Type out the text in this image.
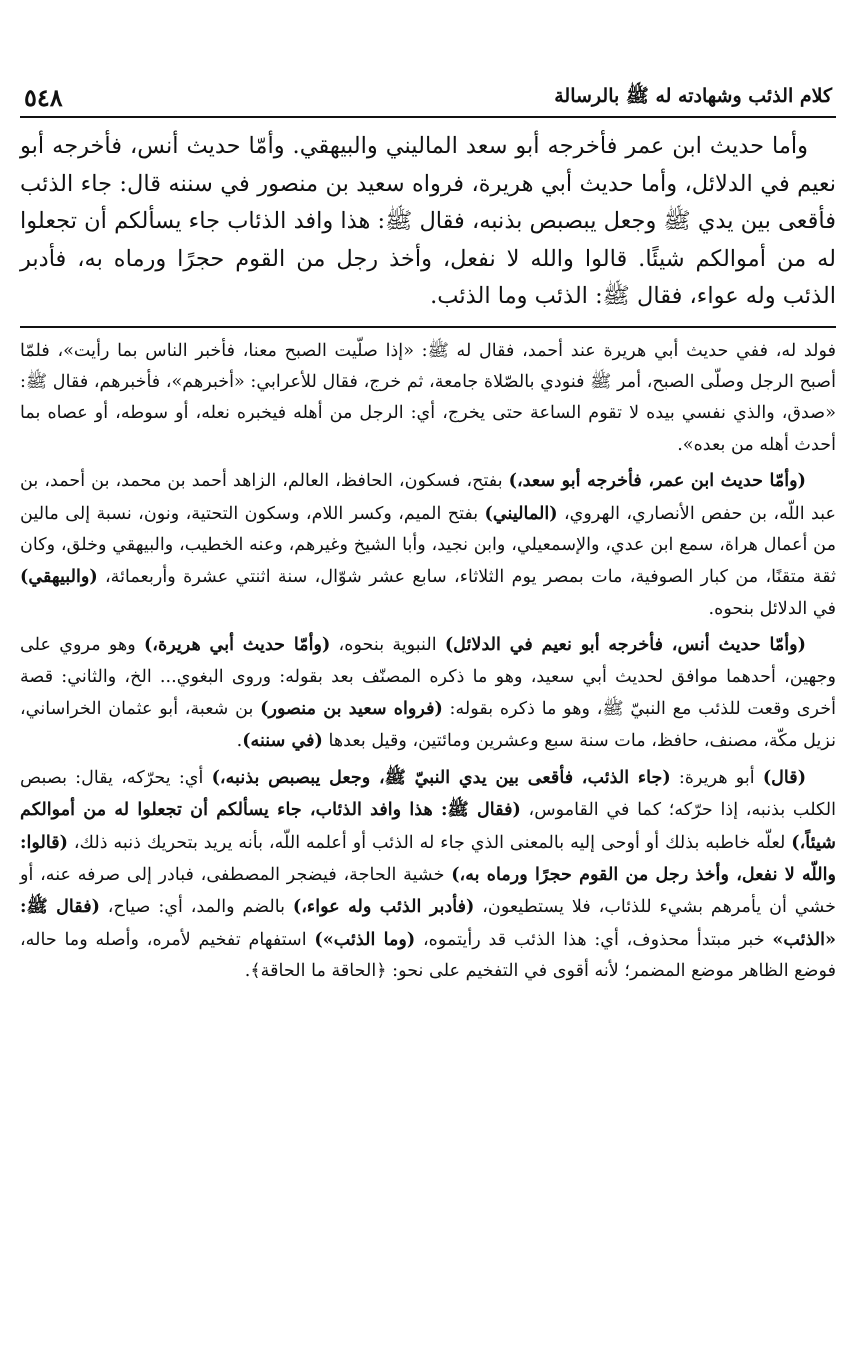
كلام الذئب وشهادته له ﷺ بالرسالة
٥٤٨

وأما حديث ابن عمر فأخرجه أبو سعد الماليني والبيهقي. وأمّا حديث أنس، فأخرجه أبو نعيم في الدلائل، وأما حديث أبي هريرة، فرواه سعيد بن منصور في سننه قال: جاء الذئب فأقعى بين يدي ﷺ وجعل يبصبص بذنبه، فقال ﷺ: هذا وافد الذئاب جاء يسألكم أن تجعلوا له من أموالكم شيئًا. قالوا والله لا نفعل، وأخذ رجل من القوم حجرًا ورماه به، فأدبر الذئب وله عواء، فقال ﷺ: الذئب وما الذئب.

فولد له، ففي حديث أبي هريرة عند أحمد، فقال له ﷺ: «إذا صلّيت الصبح معنا، فأخبر الناس بما رأيت»، فلمّا أصبح الرجل وصلّى الصبح، أمر ﷺ فنودي بالصّلاة جامعة، ثم خرج، فقال للأعرابي: «أخبرهم»، فأخبرهم، فقال ﷺ: «صدق، والذي نفسي بيده لا تقوم الساعة حتى يخرج، أي: الرجل من أهله فيخبره نعله، أو سوطه، أو عصاه بما أحدث أهله من بعده».

(وأمّا حديث ابن عمر، فأخرجه أبو سعد،) بفتح، فسكون، الحافظ، العالم، الزاهد أحمد بن محمد، بن أحمد، بن عبد اللّه، بن حفص الأنصاري، الهروي، (الماليني) بفتح الميم، وكسر اللام، وسكون التحتية، ونون، نسبة إلى مالين من أعمال هراة، سمع ابن عدي، والإسمعيلي، وابن نجيد، وأبا الشيخ وغيرهم، وعنه الخطيب، والبيهقي وخلق، وكان ثقة متقنًا، من كبار الصوفية، مات بمصر يوم الثلاثاء، سابع عشر شوّال، سنة اثنتي عشرة وأربعمائة، (والبيهقي) في الدلائل بنحوه.

(وأمّا حديث أنس، فأخرجه أبو نعيم في الدلائل) النبوية بنحوه، (وأمّا حديث أبي هريرة،) وهو مروي على وجهين، أحدهما موافق لحديث أبي سعيد، وهو ما ذكره المصنّف بعد بقوله: وروى البغوي... الخ، والثاني: قصة أخرى وقعت للذئب مع النبيّ ﷺ، وهو ما ذكره بقوله: (فرواه سعيد بن منصور) بن شعبة، أبو عثمان الخراساني، نزيل مكّة، مصنف، حافظ، مات سنة سبع وعشرين ومائتين، وقيل بعدها (في سننه).

(قال) أبو هريرة: (جاء الذئب، فأقعى بين يدي النبيّ ﷺ، وجعل يبصبص بذنبه،) أي: يحرّكه، يقال: بصبص الكلب بذنبه، إذا حرّكه؛ كما في القاموس، (فقال ﷺ: هذا وافد الذئاب، جاء يسألكم أن تجعلوا له من أموالكم شيئاً،) لعلّه خاطبه بذلك أو أوحى إليه بالمعنى الذي جاء له الذئب أو أعلمه اللّه، بأنه يريد بتحريك ذنبه ذلك، (قالوا: واللّه لا نفعل، وأخذ رجل من القوم حجرًا ورماه به،) خشية الحاجة، فيضجر المصطفى، فبادر إلى صرفه عنه، أو خشي أن يأمرهم بشيء للذئاب، فلا يستطيعون، (فأدبر الذئب وله عواء،) بالضم والمد، أي: صياح، (فقال ﷺ: «الذئب» خبر مبتدأ محذوف، أي: هذا الذئب قد رأيتموه، (وما الذئب») استفهام تفخيم لأمره، وأصله وما حاله، فوضع الظاهر موضع المضمر؛ لأنه أقوى في التفخيم على نحو: ﴿الحاقة ما الحاقة﴾.
